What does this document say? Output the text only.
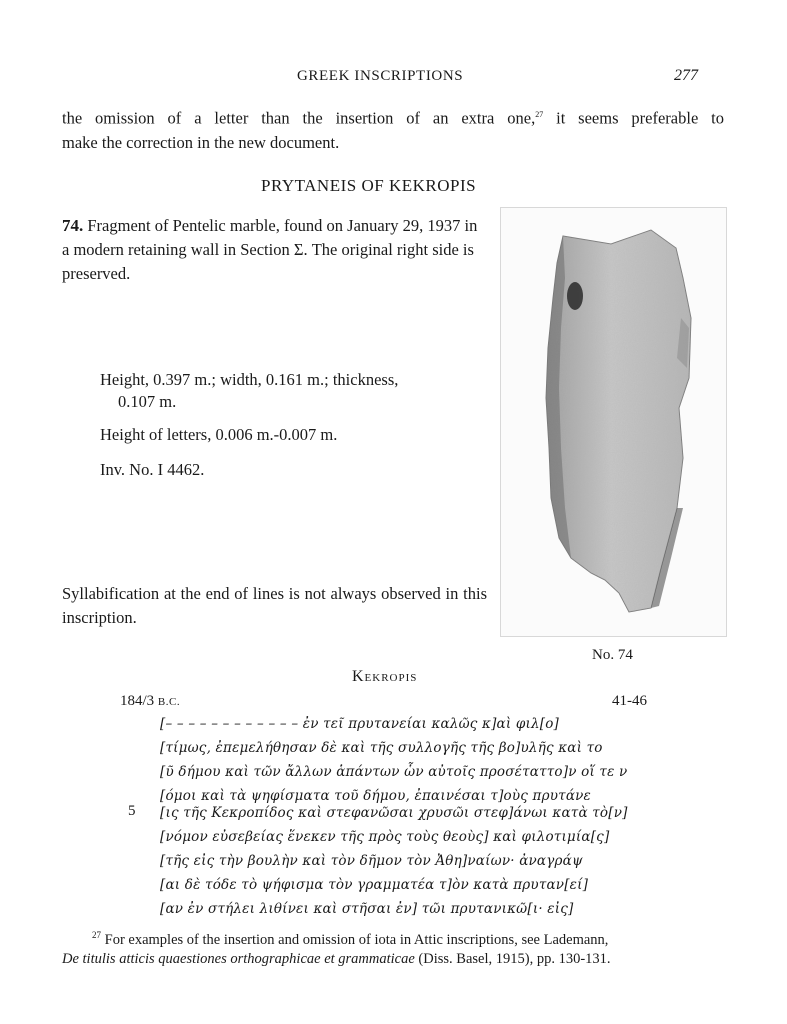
GREEK INSCRIPTIONS	277
the omission of a letter than the insertion of an extra one,$^{27}$ it seems preferable to
make the correction in the new document.
PRYTANEIS OF KEKROPIS
74. Fragment of Pentelic marble, found on January 29, 1937 in a modern retaining wall in Section Σ. The original right side is preserved.
Height, 0.397 m.; width, 0.161 m.; thickness,
0.107 m.
Height of letters, 0.006 m.-0.007 m.
Inv. No. I 4462.
Syllabification at the end of lines is not always observed in this inscription.
No. 74
Kekropis
184/3 B.C.	41-46
[– – – – – – – – – – – – ἐν τεῖ πρυτανείαι καλῶς κ]αὶ φιλ[ο]
[τίμως, ἐπεμελήθησαν δὲ καὶ τῆς συλλογῆς τῆς βο]υλῆς καὶ το
[ῦ δήμου καὶ τῶν ἄλλων ἁπάντων ὧν αὐτοῖς προσέταττο]ν οἵ τε ν
[όμοι καὶ τὰ ψηφίσματα τοῦ δήμου, ἐπαινέσαι τ]οὺς πρυτάνε
5 [ις τῆς Κεκροπίδος καὶ στεφανῶσαι χρυσῶι στεφ]άνωι κατὰ τὸ[ν]
[νόμον εὐσεβείας ἕνεκεν τῆς πρὸς τοὺς θεοὺς] καὶ φιλοτιμία[ς]
[τῆς εἰς τὴν βουλὴν καὶ τὸν δῆμον τὸν Ἀθη]ναίων· ἀναγράψ
[αι δὲ τόδε τὸ ψήφισμα τὸν γραμματέα τ]ὸν κατὰ πρυταν[εί]
[αν ἐν στήλει λιθίνει καὶ στῆσαι ἐν] τῶι πρυτανικῶ[ι· εἰς]
$^{27}$ For examples of the insertion and omission of iota in Attic inscriptions, see Lademann,
De titulis atticis quaestiones orthographicae et grammaticae (Diss. Basel, 1915), pp. 130-131.
